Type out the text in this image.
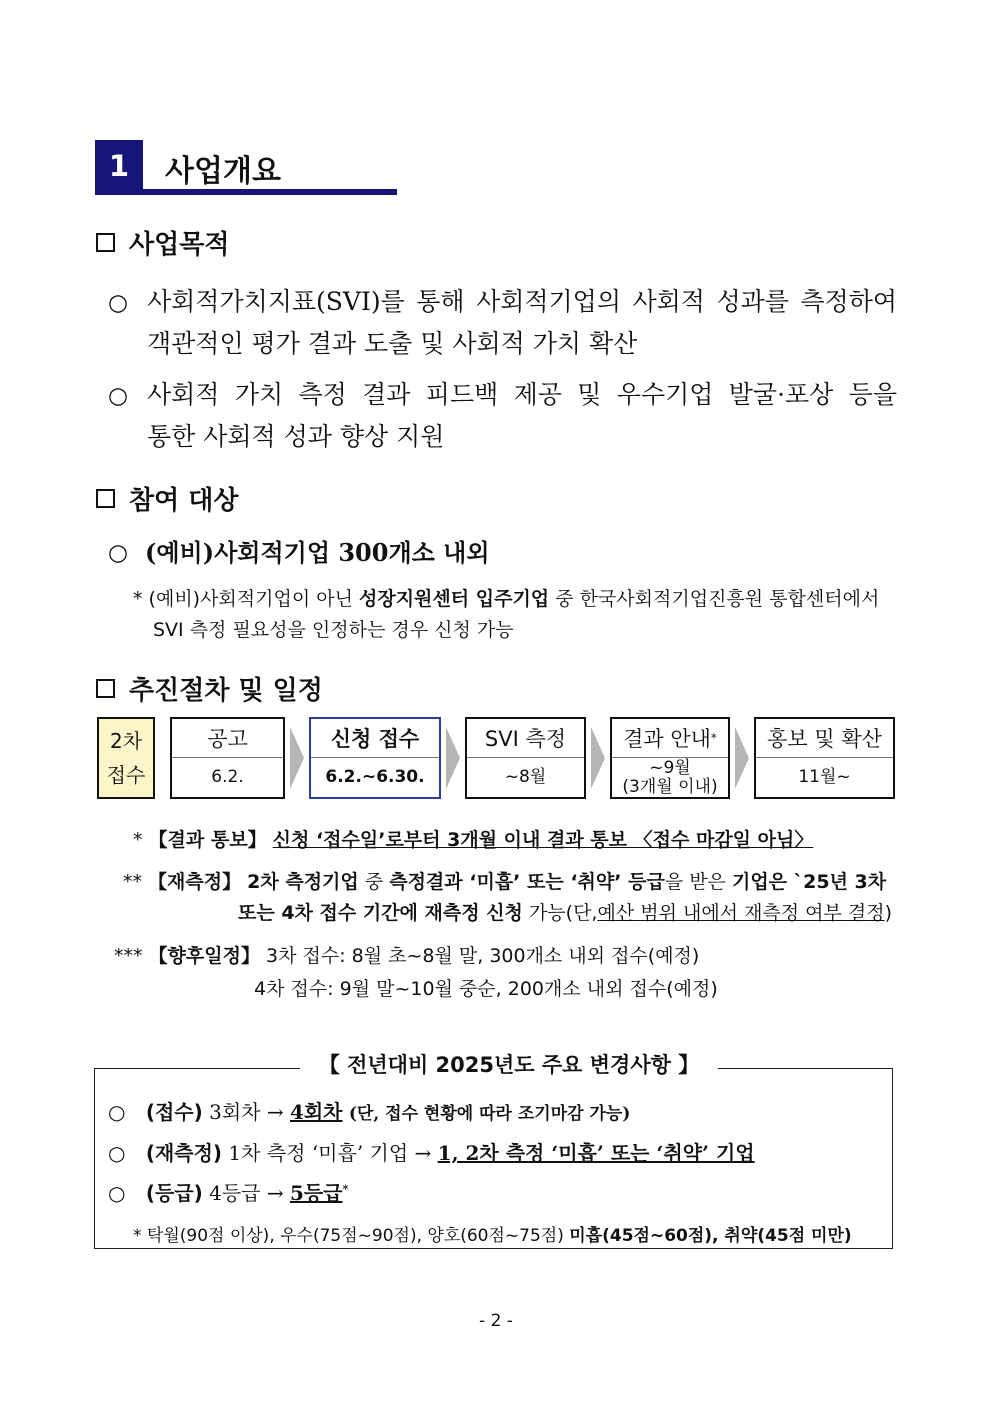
1	사업개요
사업목적
○ 사회적가치지표(SVI)를 통해 사회적기업의 사회적 성과를 측정하여
객관적인 평가 결과 도출 및 사회적 가치 확산
○ 사회적 가치 측정 결과 피드백 제공 및 우수기업 발굴·포상 등을
통한 사회적 성과 향상 지원
참여 대상
○ (예비)사회적기업 300개소 내외
* (예비)사회적기업이 아닌 성장지원센터 입주기업 중 한국사회적기업진흥원 통합센터에서
SVI 측정 필요성을 인정하는 경우 신청 가능
추진절차 및 일정
2차
접수
공고
6.2.
신청 접수
6.2.~6.30.
SVI 측정
~8월
결과 안내 *
~9월
(3개월 이내)
홍보 및 확산
11월~
* 【결과 통보】 신청 ‘접수일’로부터 3개월 이내 결과 통보 〈접수 마감일 아님〉
** 【재측정】 2차 측정기업 중 측정결과 ‘미흡’ 또는 ‘취약’ 등급을 받은 기업은 `25년 3차
또는 4차 접수 기간에 재측정 신청 가능(단,예산 범위 내에서 재측정 여부 결정)
*** 【향후일정】 3차 접수: 8월 초~8월 말, 300개소 내외 접수(예정)
4차 접수: 9월 말~10월 중순, 200개소 내외 접수(예정)
【 전년대비 2025년도 주요 변경사항 】
○ (접수) 3회차 → 4회차 (단, 접수 현황에 따라 조기마감 가능)
○ (재측정) 1차 측정 ‘미흡’ 기업 → 1, 2차 측정 ‘미흡’ 또는 ‘취약’ 기업
○ (등급) 4등급 → 5등급*
* 탁월(90점 이상), 우수(75점~90점), 양호(60점~75점) 미흡(45점~60점), 취약(45점 미만)
- 2 -
